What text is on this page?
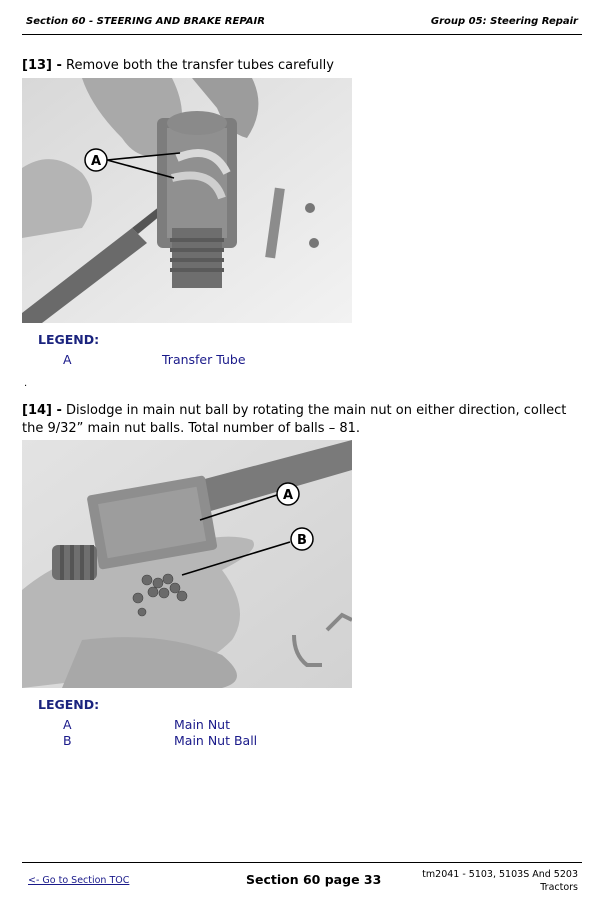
Section 60 - STEERING AND BRAKE REPAIR	Group 05: Steering Repair
[13] - Remove both the transfer tubes carefully
A
LEGEND:
A	Transfer Tube
.
[14] - Dislodge in main nut ball by rotating the main nut on either direction, collect the 9/32” main nut balls. Total number of balls – 81.
A
B
LEGEND:
A	Main Nut
B	Main Nut Ball
<- Go to Section TOC	Section 60 page 33	tm2041 - 5103, 5103S And 5203
Tractors
